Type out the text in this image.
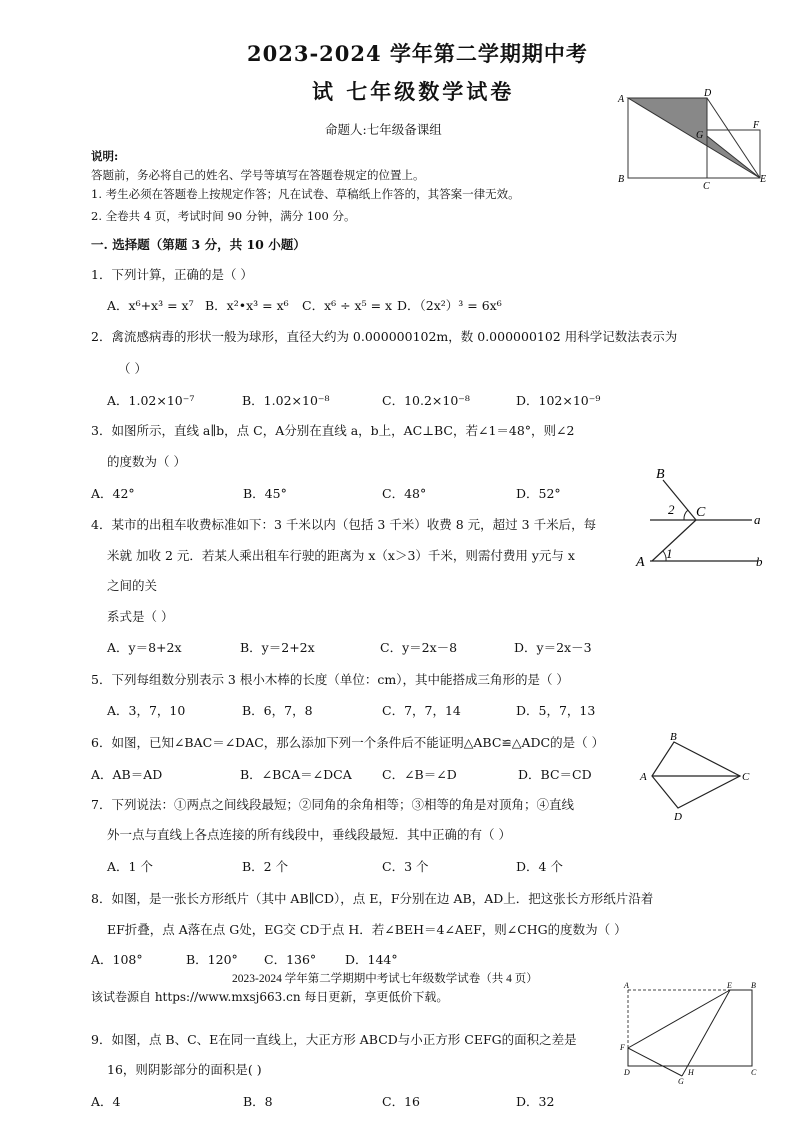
2023-2024 学年第二学期期中考
试 七年级数学试卷
命题人:七年级备课组
A
D
F
G
B
C
E
说明:
答题前，务必将自己的姓名、学号等填写在答题卷规定的位置上。
1. 考生必须在答题卷上按规定作答；凡在试卷、草稿纸上作答的，其答案一律无效。
2. 全卷共 4 页，考试时间 90 分钟，满分 100 分。
一. 选择题（第题 3 分，共 10 小题）
1．下列计算，正确的是（ ）
A．x⁶+x³ = x⁷ B．x²•x³ = x⁶ C．x⁶ ÷ x⁵ = x D．（2x²）³ = 6x⁶
2．禽流感病毒的形状一般为球形，直径大约为 0.000000102m，数 0.000000102 用科学记数法表示为
（ ）
A．1.02×10⁻⁷	B．1.02×10⁻⁸	C．10.2×10⁻⁸	D．102×10⁻⁹
3．如图所示，直线 a∥b，点 C，A分别在直线 a，b上，AC⊥BC，若∠1＝48°，则∠2
的度数为（ ）
A．42°	B．45°	C．48°	D．52°
B
2 C	a
1
A	b
4．某市的出租车收费标准如下：3 千米以内（包括 3 千米）收费 8 元，超过 3 千米后，每
米就 加收 2 元．若某人乘出租车行驶的距离为 x（x＞3）千米，则需付费用 y元与 x
之间的关
系式是（ ）
A．y＝8+2x	B．y＝2+2x	C．y＝2x－8	D．y＝2x－3
5．下列每组数分别表示 3 根小木棒的长度（单位：cm），其中能搭成三角形的是（ ）
A．3，7，10	B．6，7，8	C．7，7，14	D．5，7，13
6．如图，已知∠BAC＝∠DAC，那么添加下列一个条件后不能证明△ABC≌△ADC的是（ ）
A．AB＝AD	B．∠BCA＝∠DCA C．∠B＝∠D	D．BC＝CD
B
A	C
D
7．下列说法：①两点之间线段最短；②同角的余角相等；③相等的角是对顶角；④直线
外一点与直线上各点连接的所有线段中，垂线段最短．其中正确的有（ ）
A．1 个	B．2 个	C．3 个	D．4 个
8．如图，是一张长方形纸片（其中 AB∥CD），点 E，F分别在边 AB，AD上．把这张长方形纸片沿着
EF折叠，点 A落在点 G处，EG交 CD于点 H．若∠BEH＝4∠AEF，则∠CHG的度数为（ ）
A．108°	B．120° C．136° D．144°
2023-2024 学年第二学期期中考试七年级数学试卷（共 4 页）
该试卷源自 https://www.mxsj663.cn 每日更新，享更低价下载。
A	E B
F
D
G
H	C
9．如图，点 B、C、E在同一直线上，大正方形 ABCD与小正方形 CEFG的面积之差是
16，则阴影部分的面积是( )
A．4	B．8	C．16	D．32
